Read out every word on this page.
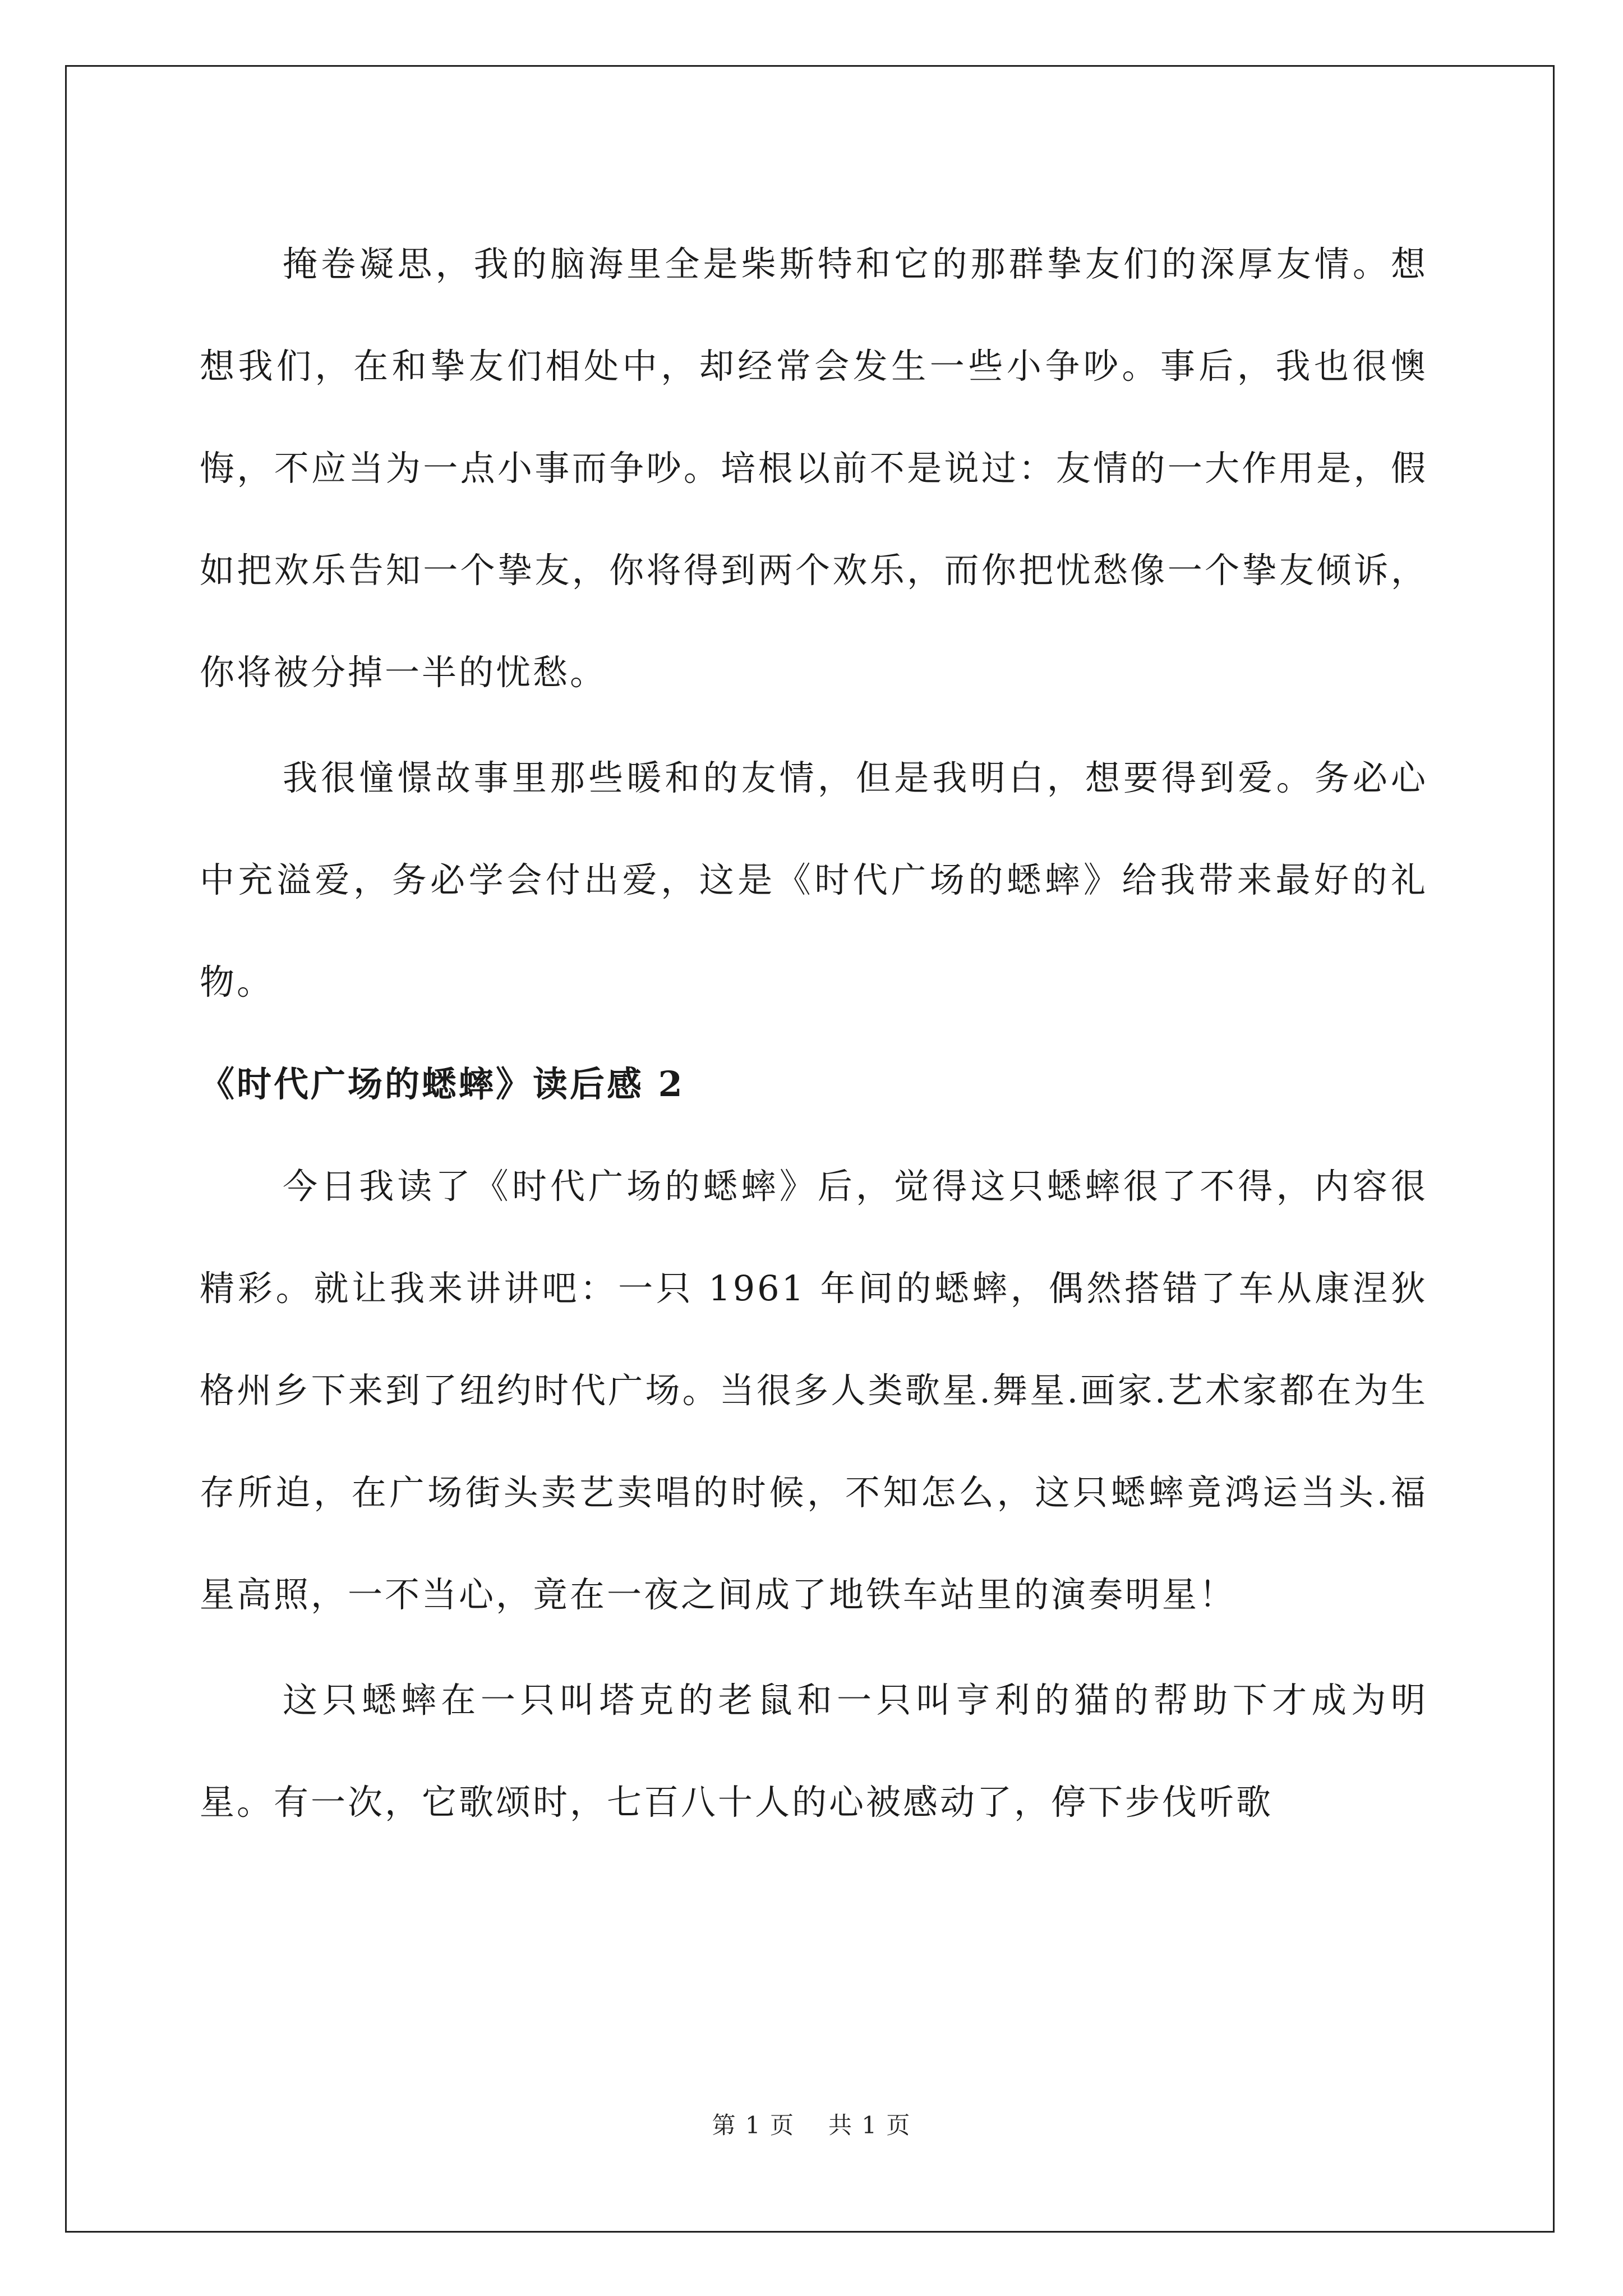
掩卷凝思，我的脑海里全是柴斯特和它的那群挚友们的深厚友情。想想我们，在和挚友们相处中，却经常会发生一些小争吵。事后，我也很懊悔，不应当为一点小事而争吵。培根以前不是说过：友情的一大作用是，假如把欢乐告知一个挚友，你将得到两个欢乐，而你把忧愁像一个挚友倾诉，你将被分掉一半的忧愁。

我很憧憬故事里那些暖和的友情，但是我明白，想要得到爱。务必心中充溢爱，务必学会付出爱，这是《时代广场的蟋蟀》给我带来最好的礼物。

《时代广场的蟋蟀》读后感 2

今日我读了《时代广场的蟋蟀》后，觉得这只蟋蟀很了不得，内容很精彩。就让我来讲讲吧：一只 1961 年间的蟋蟀，偶然搭错了车从康涅狄格州乡下来到了纽约时代广场。当很多人类歌星.舞星.画家.艺术家都在为生存所迫，在广场街头卖艺卖唱的时候，不知怎么，这只蟋蟀竟鸿运当头.福星高照，一不当心，竟在一夜之间成了地铁车站里的演奏明星！

这只蟋蟀在一只叫塔克的老鼠和一只叫亨利的猫的帮助下才成为明星。有一次，它歌颂时，七百八十人的心被感动了，停下步伐听歌

第 1 页 共 1 页
